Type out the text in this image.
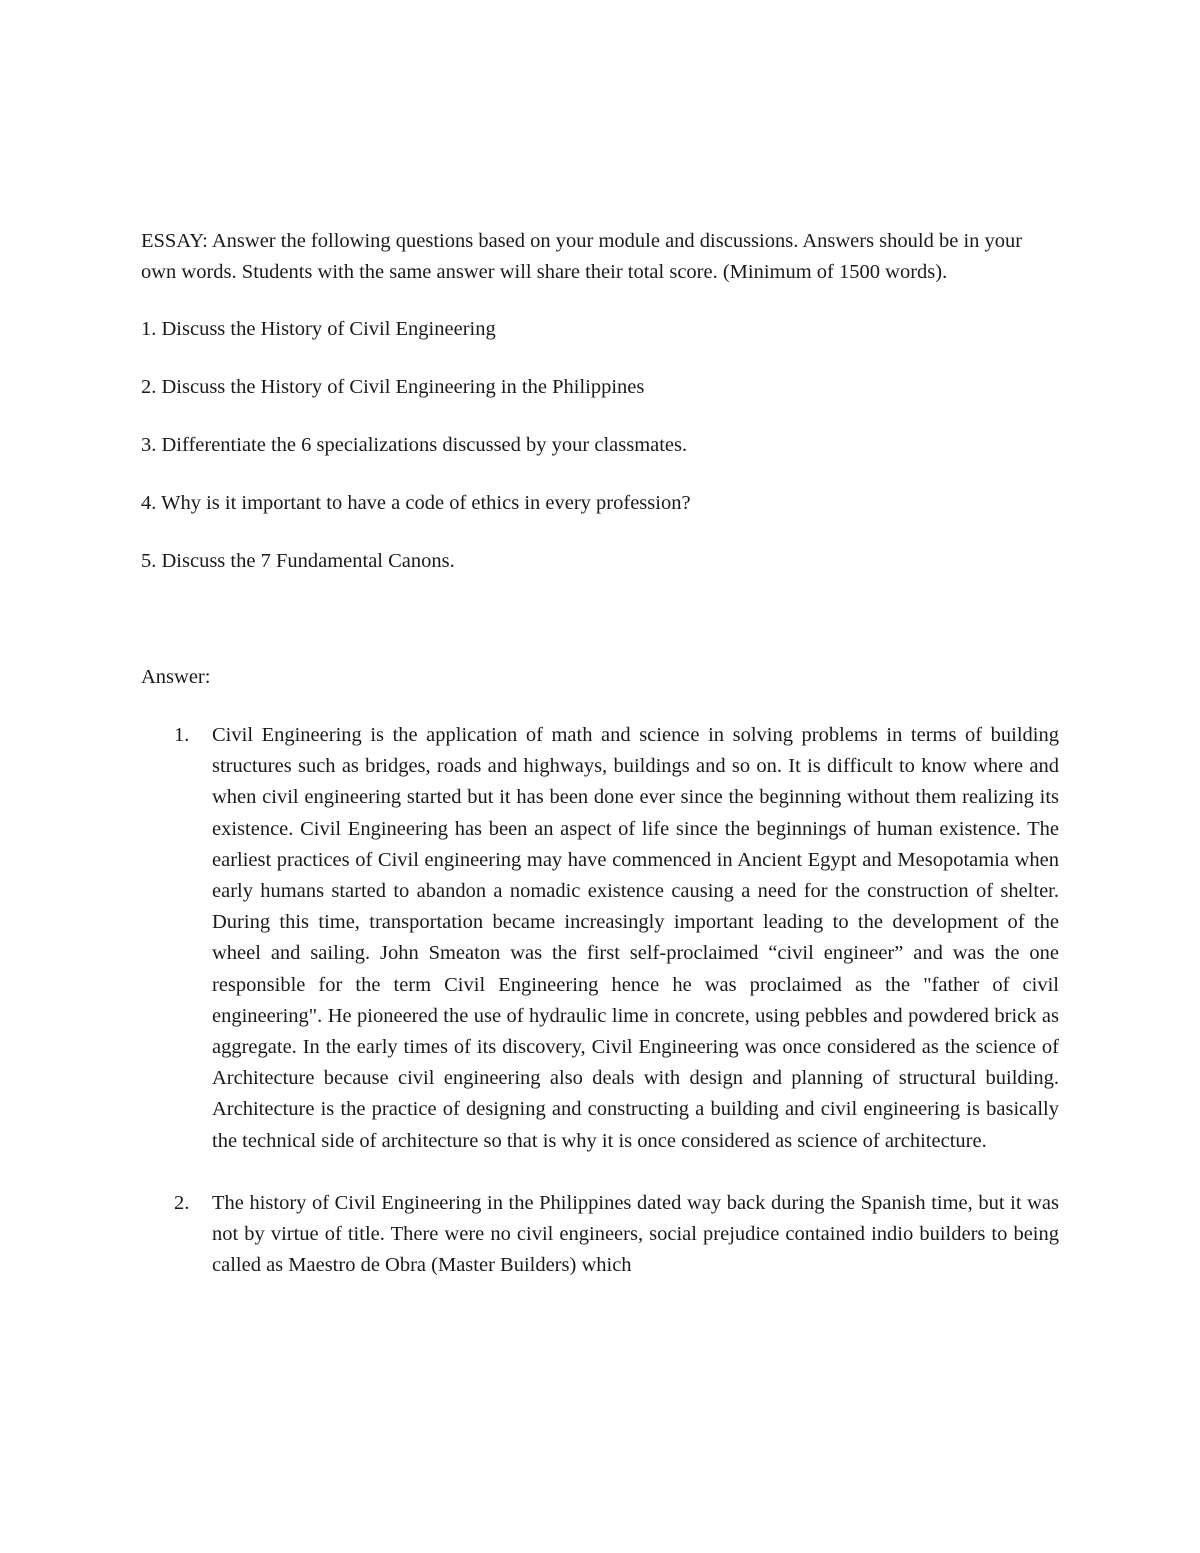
ESSAY: Answer the following questions based on your module and discussions. Answers should be in your own words. Students with the same answer will share their total score. (Minimum of 1500 words).

1. Discuss the History of Civil Engineering

2. Discuss the History of Civil Engineering in the Philippines

3. Differentiate the 6 specializations discussed by your classmates.

4. Why is it important to have a code of ethics in every profession?

5. Discuss the 7 Fundamental Canons.

Answer:

1. Civil Engineering is the application of math and science in solving problems in terms of building structures such as bridges, roads and highways, buildings and so on. It is difficult to know where and when civil engineering started but it has been done ever since the beginning without them realizing its existence. Civil Engineering has been an aspect of life since the beginnings of human existence. The earliest practices of Civil engineering may have commenced in Ancient Egypt and Mesopotamia when early humans started to abandon a nomadic existence causing a need for the construction of shelter. During this time, transportation became increasingly important leading to the development of the wheel and sailing. John Smeaton was the first self-proclaimed “civil engineer” and was the one responsible for the term Civil Engineering hence he was proclaimed as the "father of civil engineering". He pioneered the use of hydraulic lime in concrete, using pebbles and powdered brick as aggregate. In the early times of its discovery, Civil Engineering was once considered as the science of Architecture because civil engineering also deals with design and planning of structural building. Architecture is the practice of designing and constructing a building and civil engineering is basically the technical side of architecture so that is why it is once considered as science of architecture.

2. The history of Civil Engineering in the Philippines dated way back during the Spanish time, but it was not by virtue of title. There were no civil engineers, social prejudice contained indio builders to being called as Maestro de Obra (Master Builders) which
